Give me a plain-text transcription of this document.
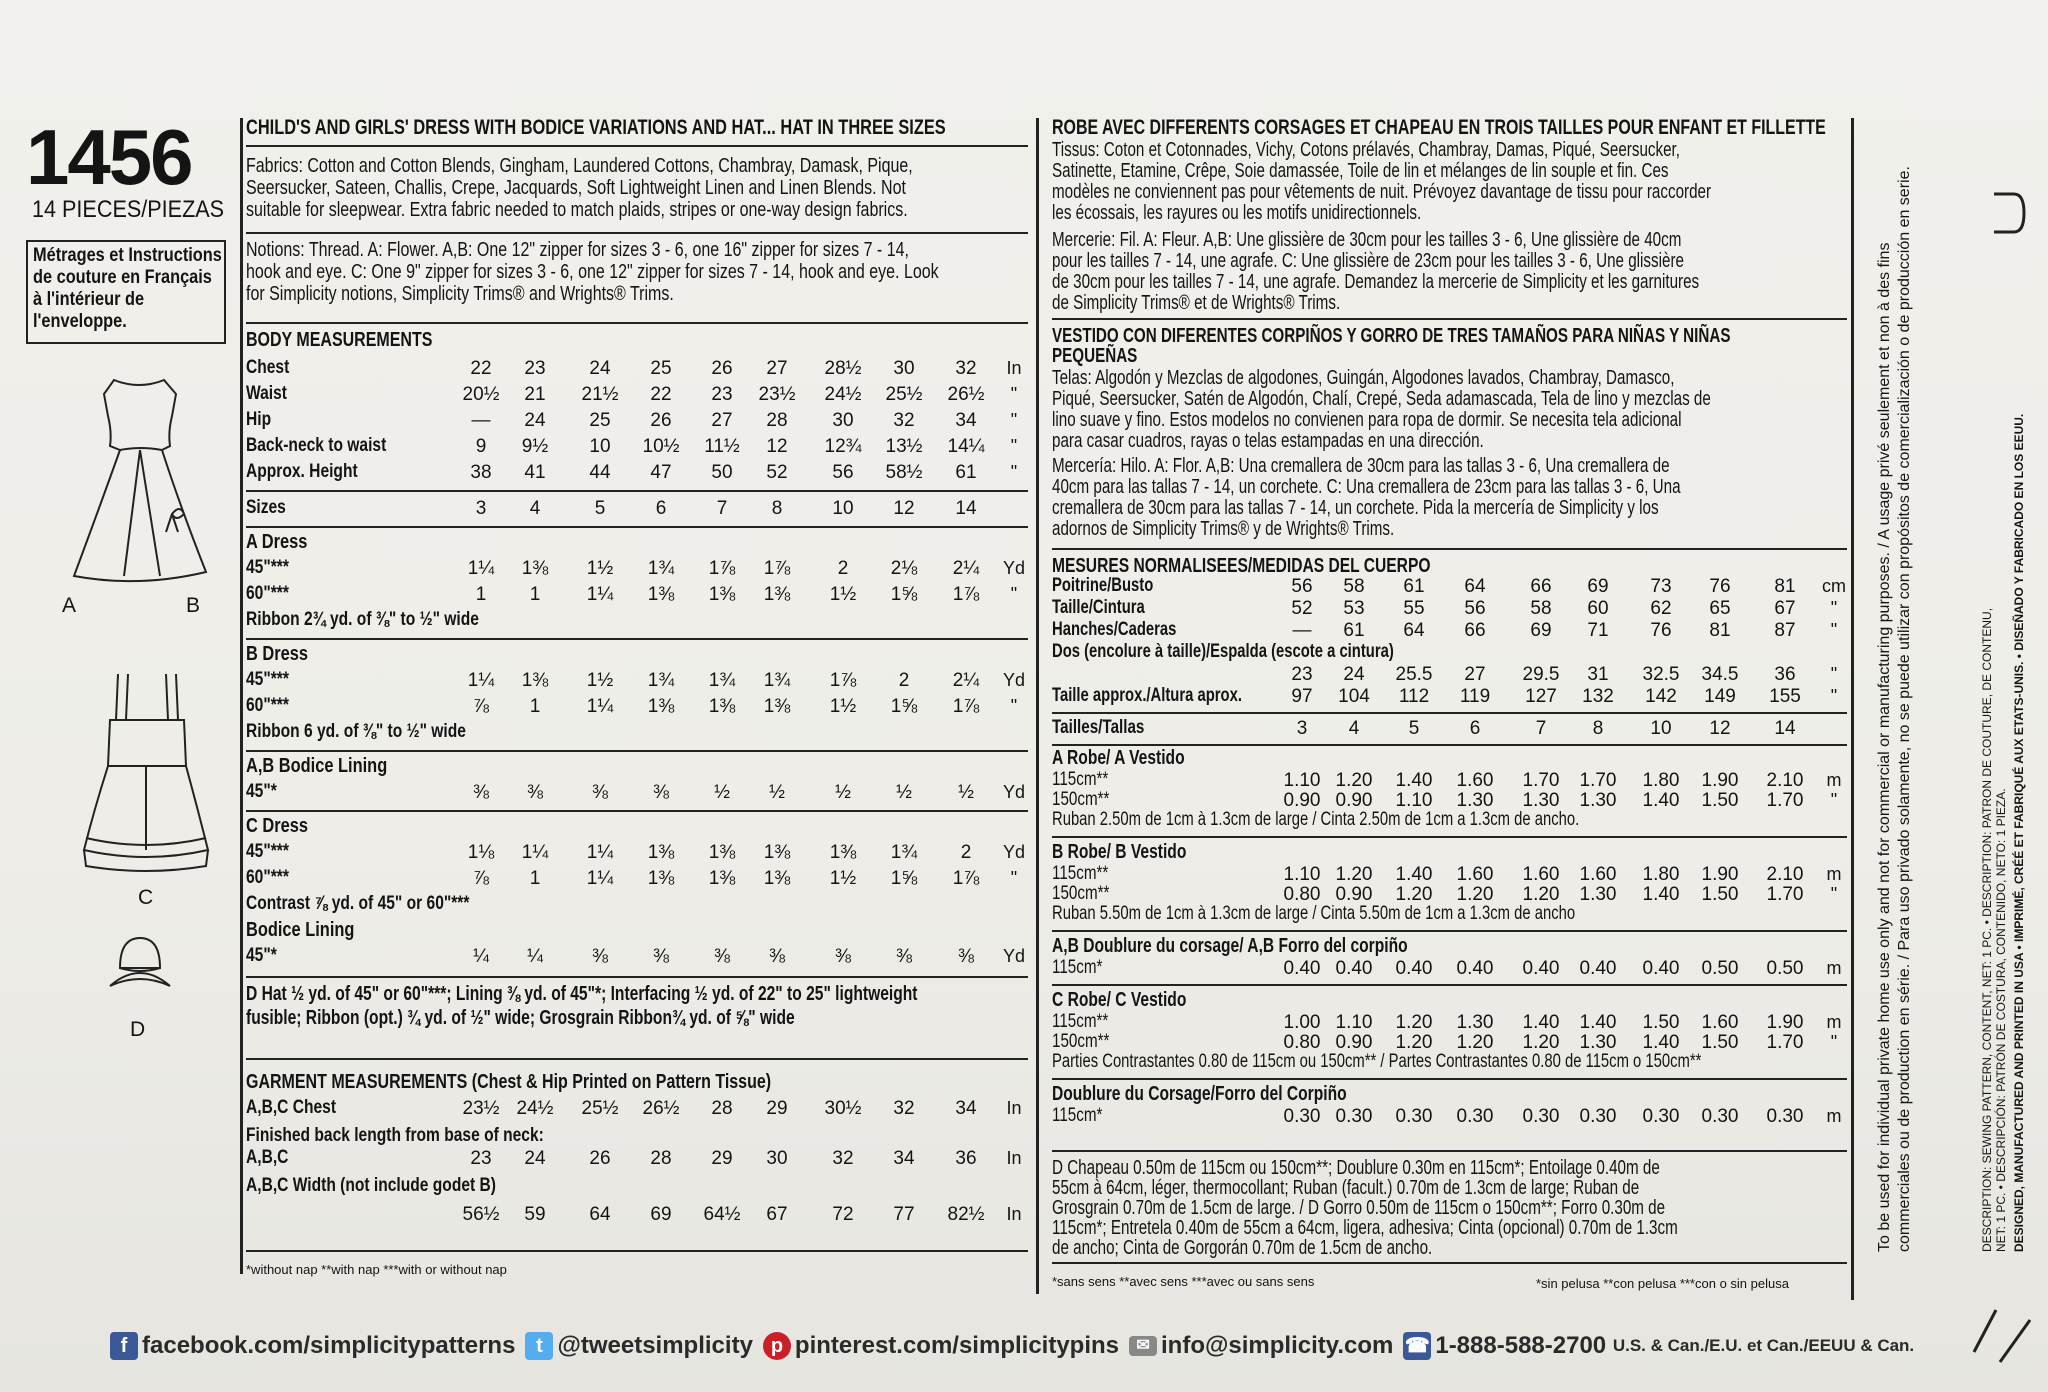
1456
14 PIECES/PIEZAS
Métrages et Instructions
de couture en Français
à l'intérieur de
l'enveloppe.
A	B
C
D
CHILD'S AND GIRLS' DRESS WITH BODICE VARIATIONS AND HAT... HAT IN THREE SIZES
Fabrics: Cotton and Cotton Blends, Gingham, Laundered Cottons, Chambray, Damask, Pique,
Seersucker, Sateen, Challis, Crepe, Jacquards, Soft Lightweight Linen and Linen Blends. Not
suitable for sleepwear. Extra fabric needed to match plaids, stripes or one-way design fabrics.
Notions: Thread. A: Flower. A,B: One 12" zipper for sizes 3 - 6, one 16" zipper for sizes 7 - 14,
hook and eye. C: One 9" zipper for sizes 3 - 6, one 12" zipper for sizes 7 - 14, hook and eye. Look
for Simplicity notions, Simplicity Trims® and Wrights® Trims.
BODY MEASUREMENTS
Chest	22	23	24	25	26	27	28½	30	32	In
Waist	20½	21	21½	22	23	23½ 24½ 25½ 26½	"
Hip	—	24	25	26	27	28	30	32	34	"
Back-neck to waist	9	9½	10	10½ 11½	12	12¾ 13½ 14¼	"
Approx. Height	38	41	44	47	50	52	56	58½	61	"
Sizes	3	4	5	6	7	8	10	12	14
A Dress
45"***	1¼	1⅜	1½	1¾	1⅞	1⅞	2	2⅛	2¼	Yd
60"***	1	1	1¼	1⅜	1⅜	1⅜	1½	1⅝	1⅞	"
Ribbon 2¾ yd. of ⅜" to ½" wide
B Dress
45"***	1¼	1⅜	1½	1¾	1¾	1¾	1⅞	2	2¼	Yd
60"***	⅞	1	1¼	1⅜	1⅜	1⅜	1½	1⅝	1⅞	"
Ribbon 6 yd. of ⅜" to ½" wide
A,B Bodice Lining
45"*	⅜	⅜	⅜	⅜	½	½	½	½	½	Yd
C Dress
45"***	1⅛	1¼	1¼	1⅜	1⅜	1⅜	1⅜	1¾	2	Yd
60"***	⅞	1	1¼	1⅜	1⅜	1⅜	1½	1⅝	1⅞	"
Contrast ⅞ yd. of 45" or 60"***
Bodice Lining
45"*	¼	¼	⅜	⅜	⅜	⅜	⅜	⅜	⅜	Yd
D Hat ½ yd. of 45" or 60"***; Lining ⅜ yd. of 45"*; Interfacing ½ yd. of 22" to 25" lightweight
fusible; Ribbon (opt.) ¾ yd. of ½" wide; Grosgrain Ribbon¾ yd. of ⅝" wide
GARMENT MEASUREMENTS (Chest & Hip Printed on Pattern Tissue)
A,B,C Chest	23½ 24½ 25½ 26½	28	29	30½	32	34	In
Finished back length from base of neck:
A,B,C	23	24	26	28	29	30	32	34	36	In
A,B,C Width (not include godet B)
56½	59	64	69	64½	67	72	77	82½	In
*without nap **with nap ***with or without nap
ROBE AVEC DIFFERENTS CORSAGES ET CHAPEAU EN TROIS TAILLES POUR ENFANT ET FILLETTE
Tissus: Coton et Cotonnades, Vichy, Cotons prélavés, Chambray, Damas, Piqué, Seersucker,
Satinette, Etamine, Crêpe, Soie damassée, Toile de lin et mélanges de lin souple et fin. Ces
modèles ne conviennent pas pour vêtements de nuit. Prévoyez davantage de tissu pour raccorder
les écossais, les rayures ou les motifs unidirectionnels.
Mercerie: Fil. A: Fleur. A,B: Une glissière de 30cm pour les tailles 3 - 6, Une glissière de 40cm
pour les tailles 7 - 14, une agrafe. C: Une glissière de 23cm pour les tailles 3 - 6, Une glissière
de 30cm pour les tailles 7 - 14, une agrafe. Demandez la mercerie de Simplicity et les garnitures
de Simplicity Trims® et de Wrights® Trims.
VESTIDO CON DIFERENTES CORPIÑOS Y GORRO DE TRES TAMAÑOS PARA NIÑAS Y NIÑAS
PEQUEÑAS
Telas: Algodón y Mezclas de algodones, Guingán, Algodones lavados, Chambray, Damasco,
Piqué, Seersucker, Satén de Algodón, Chalí, Crepé, Seda adamascada, Tela de lino y mezclas de
lino suave y fino. Estos modelos no convienen para ropa de dormir. Se necesita tela adicional
para casar cuadros, rayas o telas estampadas en una dirección.
Mercería: Hilo. A: Flor. A,B: Una cremallera de 30cm para las tallas 3 - 6, Una cremallera de
40cm para las tallas 7 - 14, un corchete. C: Una cremallera de 23cm para las tallas 3 - 6, Una
cremallera de 30cm para las tallas 7 - 14, un corchete. Pida la mercería de Simplicity y los
adornos de Simplicity Trims® y de Wrights® Trims.
MESURES NORMALISEES/MEDIDAS DEL CUERPO
Poitrine/Busto	56	58	61	64	66	69	73	76	81	cm
Taille/Cintura	52	53	55	56	58	60	62	65	67	"
Hanches/Caderas	—	61	64	66	69	71	76	81	87	"
Dos (encolure à taille)/Espalda (escote a cintura)
23	24	25.5	27	29.5	31	32.5 34.5	36	"
Taille approx./Altura aprox.	97	104 112 119 127 132 142 149 155	"
Tailles/Tallas	3	4	5	6	7	8	10	12	14
A Robe/ A Vestido
115cm**	1.10 1.20 1.40 1.60 1.70 1.70 1.80 1.90 2.10	m
150cm**	0.90 0.90 1.10 1.30 1.30 1.30 1.40 1.50 1.70	"
Ruban 2.50m de 1cm à 1.3cm de large / Cinta 2.50m de 1cm a 1.3cm de ancho.
B Robe/ B Vestido
115cm**	1.10 1.20 1.40 1.60 1.60 1.60 1.80 1.90 2.10	m
150cm**	0.80 0.90 1.20 1.20 1.20 1.30 1.40 1.50 1.70	"
Ruban 5.50m de 1cm à 1.3cm de large / Cinta 5.50m de 1cm a 1.3cm de ancho
A,B Doublure du corsage/ A,B Forro del corpiño
115cm*	0.40 0.40 0.40 0.40 0.40 0.40 0.40 0.50 0.50	m
C Robe/ C Vestido
115cm**	1.00 1.10 1.20 1.30 1.40 1.40 1.50 1.60 1.90	m
150cm**	0.80 0.90 1.20 1.20 1.20 1.30 1.40 1.50 1.70	"
Parties Contrastantes 0.80 de 115cm ou 150cm** / Partes Contrastantes 0.80 de 115cm o 150cm**
Doublure du Corsage/Forro del Corpiño
115cm*	0.30 0.30 0.30 0.30 0.30 0.30 0.30 0.30 0.30	m
D Chapeau 0.50m de 115cm ou 150cm**; Doublure 0.30m en 115cm*; Entoilage 0.40m de
55cm à 64cm, léger, thermocollant; Ruban (facult.) 0.70m de 1.3cm de large; Ruban de
Grosgrain 0.70m de 1.5cm de large. / D Gorro 0.50m de 115cm o 150cm**; Forro 0.30m de
115cm*; Entretela 0.40m de 55cm a 64cm, ligera, adhesiva; Cinta (opcional) 0.70m de 1.3cm
de ancho; Cinta de Gorgorán 0.70m de 1.5cm de ancho.
*sans sens **avec sens ***avec ou sans sens	*sin pelusa **con pelusa ***con o sin pelusa
To be used for individual private home use only and not for commercial or manufacturing purposes. / A usage privé seulement et non à des fins commerciales ou de production en série. / Para uso privado solamente, no se puede utilizar con propósitos de comercialización o de producción en serie.	DESCRIPTION: SEWING PATTERN, CONTENT, NET: 1 PC. • DESCRIPTION: PATRON DE COUTURE, DE CONTENU, NET: 1 PC. • DESCRIPCIÓN: PATRÓN DE COSTURA, CONTENIDO, NETO: 1 PIEZA. DESIGNED, MANUFACTURED AND PRINTED IN USA • IMPRIMÉ, CRÉÉ ET FABRIQUÉ AUX ETATS-UNIS. • DISEÑADO Y FABRICADO EN LOS EEUU.
f facebook.com/simplicitypatterns	t @tweetsimplicity p pinterest.com/simplicitypins	✉ info@simplicity.com ☎ 1-888-588-2700
U.S. & Can./E.U. et Can./EEUU & Can.
